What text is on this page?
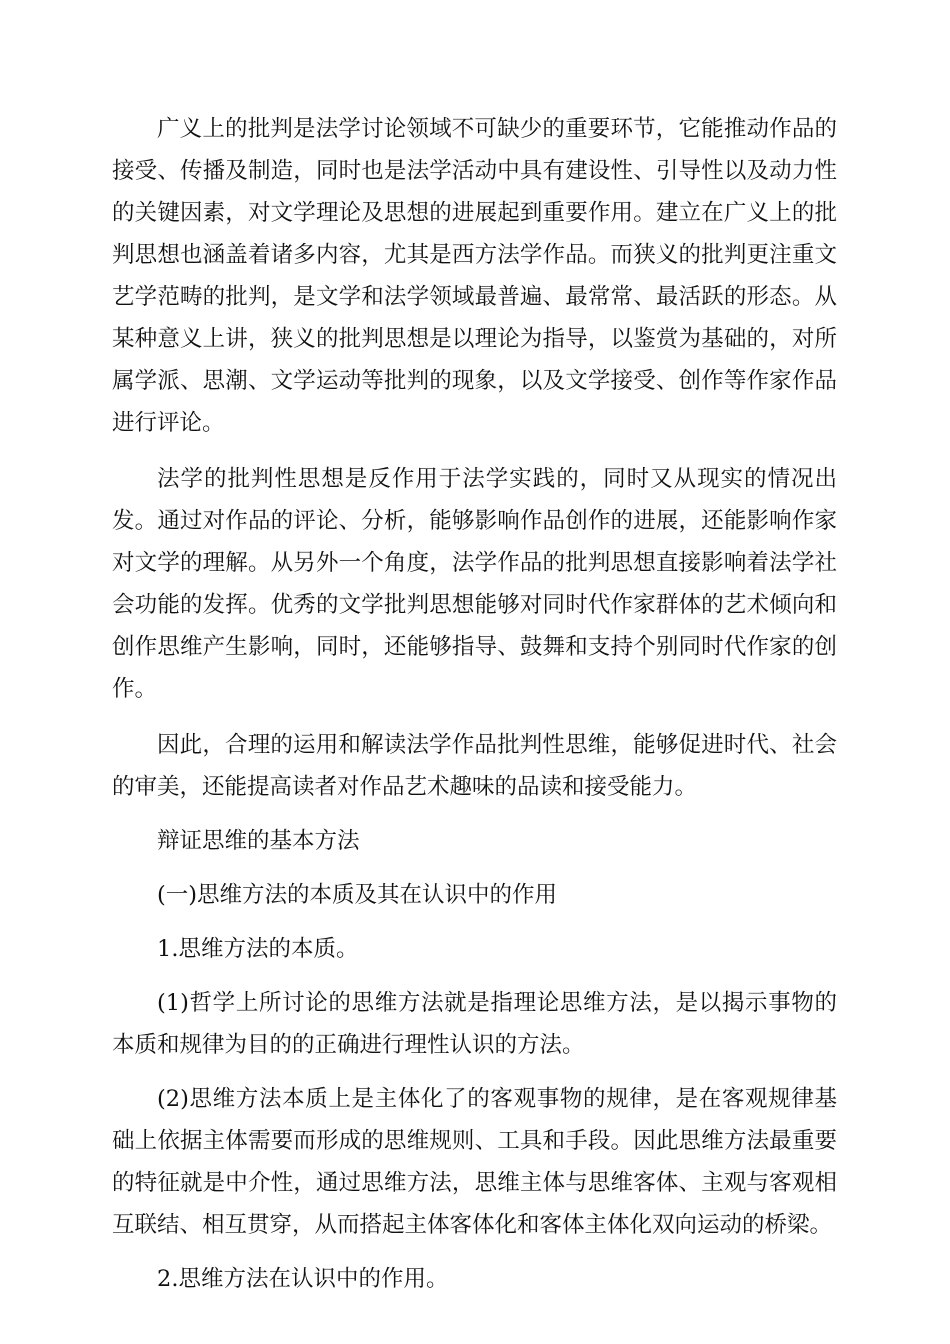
广义上的批判是法学讨论领域不可缺少的重要环节，它能推动作品的接受、传播及制造，同时也是法学活动中具有建设性、引导性以及动力性的关键因素，对文学理论及思想的进展起到重要作用。建立在广义上的批判思想也涵盖着诸多内容，尤其是西方法学作品。而狭义的批判更注重文艺学范畴的批判，是文学和法学领域最普遍、最常常、最活跃的形态。从某种意义上讲，狭义的批判思想是以理论为指导，以鉴赏为基础的，对所属学派、思潮、文学运动等批判的现象，以及文学接受、创作等作家作品进行评论。

法学的批判性思想是反作用于法学实践的，同时又从现实的情况出发。通过对作品的评论、分析，能够影响作品创作的进展，还能影响作家对文学的理解。从另外一个角度，法学作品的批判思想直接影响着法学社会功能的发挥。优秀的文学批判思想能够对同时代作家群体的艺术倾向和创作思维产生影响，同时，还能够指导、鼓舞和支持个别同时代作家的创作。

因此，合理的运用和解读法学作品批判性思维，能够促进时代、社会的审美，还能提高读者对作品艺术趣味的品读和接受能力。

辩证思维的基本方法

(一)思维方法的本质及其在认识中的作用

1.思维方法的本质。

(1)哲学上所讨论的思维方法就是指理论思维方法，是以揭示事物的本质和规律为目的的正确进行理性认识的方法。

(2)思维方法本质上是主体化了的客观事物的规律，是在客观规律基础上依据主体需要而形成的思维规则、工具和手段。因此思维方法最重要的特征就是中介性，通过思维方法，思维主体与思维客体、主观与客观相互联结、相互贯穿，从而搭起主体客体化和客体主体化双向运动的桥梁。

2.思维方法在认识中的作用。
